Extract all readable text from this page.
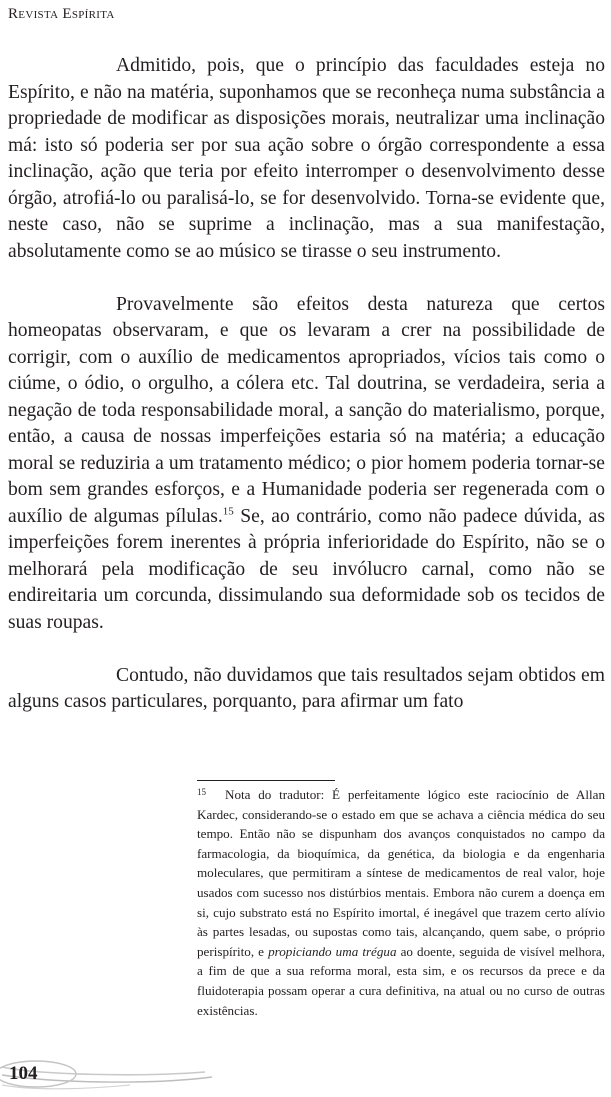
Revista Espírita

Admitido, pois, que o princípio das faculdades esteja no Espírito, e não na matéria, suponhamos que se reconheça numa substância a propriedade de modificar as disposições morais, neutralizar uma inclinação má: isto só poderia ser por sua ação sobre o órgão correspondente a essa inclinação, ação que teria por efeito interromper o desenvolvimento desse órgão, atrofiá-lo ou paralisá-lo, se for desenvolvido. Torna-se evidente que, neste caso, não se suprime a inclinação, mas a sua manifestação, absolutamente como se ao músico se tirasse o seu instrumento.

Provavelmente são efeitos desta natureza que certos homeopatas observaram, e que os levaram a crer na possibilidade de corrigir, com o auxílio de medicamentos apropriados, vícios tais como o ciúme, o ódio, o orgulho, a cólera etc. Tal doutrina, se verdadeira, seria a negação de toda responsabilidade moral, a sanção do materialismo, porque, então, a causa de nossas imperfeições estaria só na matéria; a educação moral se reduziria a um tratamento médico; o pior homem poderia tornar-se bom sem grandes esforços, e a Humanidade poderia ser regenerada com o auxílio de algumas pílulas.$^{15}$ Se, ao contrário, como não padece dúvida, as imperfeições forem inerentes à própria inferioridade do Espírito, não se o melhorará pela modificação de seu invólucro carnal, como não se endireitaria um corcunda, dissimulando sua deformidade sob os tecidos de suas roupas.

Contudo, não duvidamos que tais resultados sejam obtidos em alguns casos particulares, porquanto, para afirmar um fato

15	Nota do tradutor: É perfeitamente lógico este raciocínio de Allan Kardec, considerando-se o estado em que se achava a ciência médica do seu tempo. Então não se dispunham dos avanços conquistados no campo da farmacologia, da bioquímica, da genética, da biologia e da engenharia moleculares, que permitiram a síntese de medicamentos de real valor, hoje usados com sucesso nos distúrbios mentais. Embora não curem a doença em si, cujo substrato está no Espírito imortal, é inegável que trazem certo alívio às partes lesadas, ou supostas como tais, alcançando, quem sabe, o próprio perispírito, e propiciando uma trégua ao doente, seguida de visível melhora, a fim de que a sua reforma moral, esta sim, e os recursos da prece e da fluidoterapia possam operar a cura definitiva, na atual ou no curso de outras existências.

104
